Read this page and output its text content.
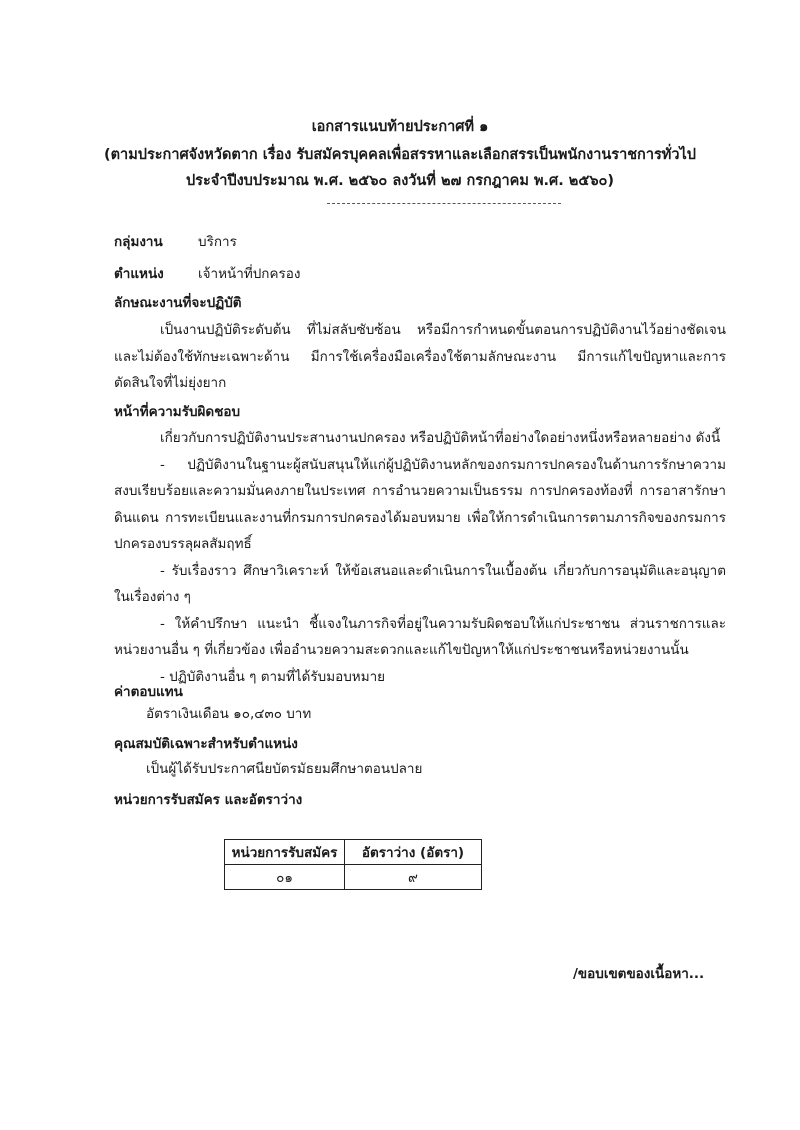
เอกสารแนบท้ายประกาศที่ ๑
(ตามประกาศจังหวัดตาก เรื่อง รับสมัครบุคคลเพื่อสรรหาและเลือกสรรเป็นพนักงานราชการทั่วไป
ประจำปีงบประมาณ พ.ศ. ๒๕๖๐ ลงวันที่ ๒๗ กรกฎาคม พ.ศ. ๒๕๖๐)
กลุ่มงาน	บริการ
ตำแหน่ง	เจ้าหน้าที่ปกครอง
ลักษณะงานที่จะปฏิบัติ

เป็นงานปฏิบัติระดับต้น ที่ไม่สลับซับซ้อน หรือมีการกำหนดขั้นตอนการปฏิบัติงานไว้อย่างชัดเจน และไม่ต้องใช้ทักษะเฉพาะด้าน มีการใช้เครื่องมือเครื่องใช้ตามลักษณะงาน มีการแก้ไขปัญหาและการตัดสินใจที่ไม่ยุ่งยาก

หน้าที่ความรับผิดชอบ

เกี่ยวกับการปฏิบัติงานประสานงานปกครอง หรือปฏิบัติหน้าที่อย่างใดอย่างหนึ่งหรือหลายอย่าง ดังนี้

- ปฏิบัติงานในฐานะผู้สนับสนุนให้แก่ผู้ปฏิบัติงานหลักของกรมการปกครองในด้านการรักษาความสงบเรียบร้อยและความมั่นคงภายในประเทศ การอำนวยความเป็นธรรม การปกครองท้องที่ การอาสารักษาดินแดน การทะเบียนและงานที่กรมการปกครองได้มอบหมาย เพื่อให้การดำเนินการตามภารกิจของกรมการปกครองบรรลุผลสัมฤทธิ์

- รับเรื่องราว ศึกษาวิเคราะห์ ให้ข้อเสนอและดำเนินการในเบื้องต้น เกี่ยวกับการอนุมัติและอนุญาตในเรื่องต่าง ๆ

- ให้คำปรึกษา แนะนำ ชี้แจงในภารกิจที่อยู่ในความรับผิดชอบให้แก่ประชาชน ส่วนราชการและหน่วยงานอื่น ๆ ที่เกี่ยวข้อง เพื่ออำนวยความสะดวกและแก้ไขปัญหาให้แก่ประชาชนหรือหน่วยงานนั้น

- ปฏิบัติงานอื่น ๆ ตามที่ได้รับมอบหมาย

ค่าตอบแทน
อัตราเงินเดือน ๑๐,๔๓๐ บาท
คุณสมบัติเฉพาะสำหรับตำแหน่ง
เป็นผู้ได้รับประกาศนียบัตรมัธยมศึกษาตอนปลาย
หน่วยการรับสมัคร และอัตราว่าง
หน่วยการรับสมัคร	อัตราว่าง (อัตรา)
๐๑	๙
/ขอบเขตของเนื้อหา...
